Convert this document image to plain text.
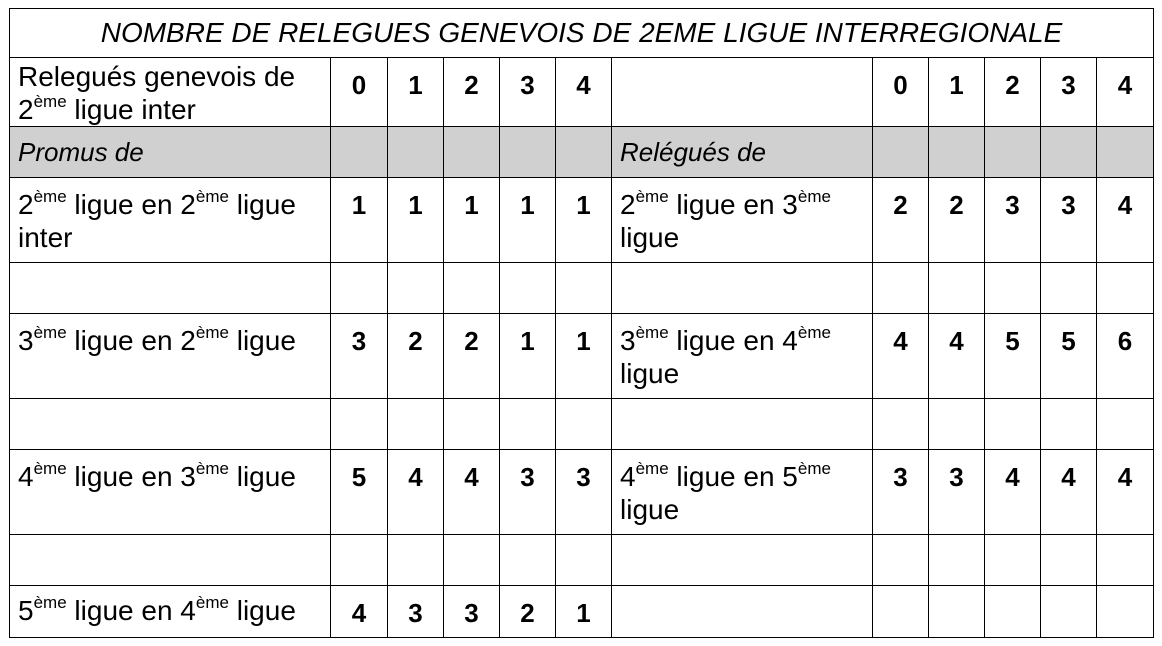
NOMBRE DE RELEGUES GENEVOIS DE 2EME LIGUE INTERREGIONALE											
Relegués genevois de
2ème ligue inter	0	1	2	3	4		0	1	2	3	4
Promus de						Relégués de					
2ème ligue en 2ème ligue inter	1	1	1	1	1	2ème ligue en 3ème ligue	2	2	3	3	4

3ème ligue en 2ème ligue	3	2	2	1	1	3ème ligue en 4ème ligue	4	4	5	5	6

4ème ligue en 3ème ligue	5	4	4	3	3	4ème ligue en 5ème ligue	3	3	4	4	4

5ème ligue en 4ème ligue	4	3	3	2	1						
